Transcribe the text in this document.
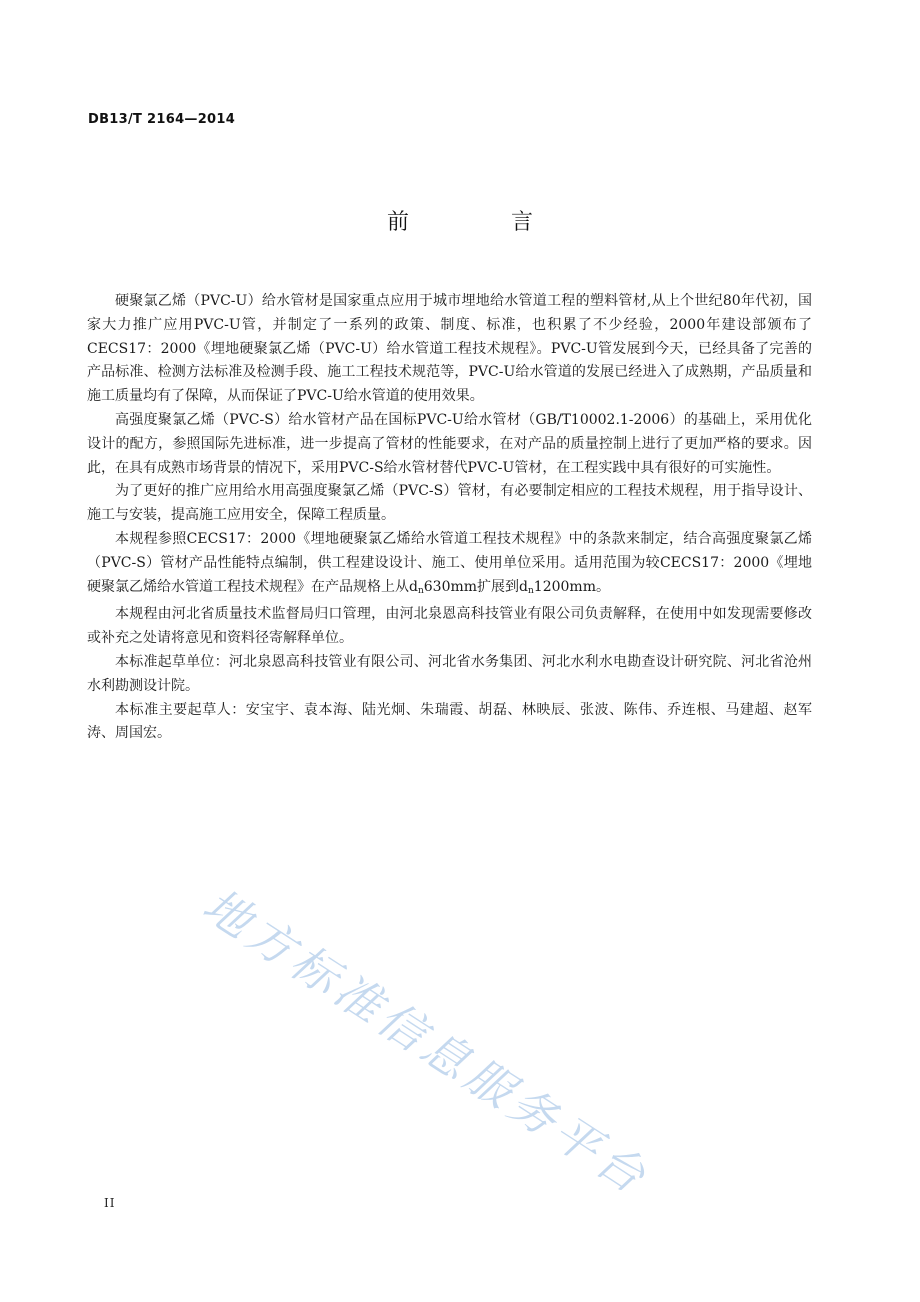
DB13/T 2164—2014
前　言

硬聚氯乙烯（PVC-U）给水管材是国家重点应用于城市埋地给水管道工程的塑料管材,从上个世纪80年代初，国家大力推广应用PVC-U管，并制定了一系列的政策、制度、标准，也积累了不少经验，2000年建设部颁布了CECS17：2000《埋地硬聚氯乙烯（PVC-U）给水管道工程技术规程》。PVC-U管发展到今天，已经具备了完善的产品标准、检测方法标准及检测手段、施工工程技术规范等，PVC-U给水管道的发展已经进入了成熟期，产品质量和施工质量均有了保障，从而保证了PVC-U给水管道的使用效果。

高强度聚氯乙烯（PVC-S）给水管材产品在国标PVC-U给水管材（GB/T10002.1-2006）的基础上，采用优化设计的配方，参照国际先进标准，进一步提高了管材的性能要求，在对产品的质量控制上进行了更加严格的要求。因此，在具有成熟市场背景的情况下，采用PVC-S给水管材替代PVC-U管材，在工程实践中具有很好的可实施性。

为了更好的推广应用给水用高强度聚氯乙烯（PVC-S）管材，有必要制定相应的工程技术规程，用于指导设计、施工与安装，提高施工应用安全，保障工程质量。

本规程参照CECS17：2000《埋地硬聚氯乙烯给水管道工程技术规程》中的条款来制定，结合高强度聚氯乙烯（PVC-S）管材产品性能特点编制，供工程建设设计、施工、使用单位采用。适用范围为较CECS17：2000《埋地硬聚氯乙烯给水管道工程技术规程》在产品规格上从$d_n630mm$扩展到$d_n1200mm$。

本规程由河北省质量技术监督局归口管理，由河北泉恩高科技管业有限公司负责解释，在使用中如发现需要修改或补充之处请将意见和资料径寄解释单位。

本标准起草单位：河北泉恩高科技管业有限公司、河北省水务集团、河北水利水电勘查设计研究院、河北省沧州水利勘测设计院。

本标准主要起草人：安宝宇、袁本海、陆光炯、朱瑞霞、胡磊、林映辰、张波、陈伟、乔连根、马建超、赵军涛、周国宏。

地方标准信息服务平台
II
